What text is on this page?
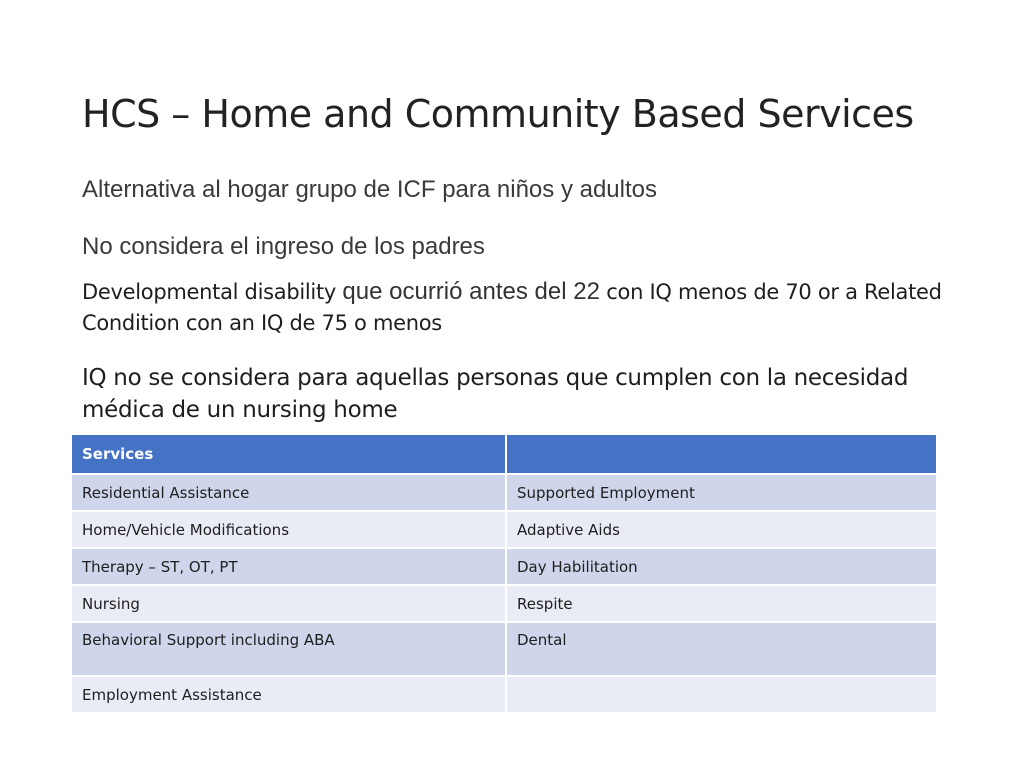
HCS – Home and Community Based Services

Alternativa al hogar grupo de ICF para niños y adultos

No considera el ingreso de los padres

Developmental disability que ocurrió antes del 22 con IQ menos de 70 or a Related Condition con an IQ de 75 o menos

IQ no se considera para aquellas personas que cumplen con la necesidad médica de un nursing home

Services	
Residential Assistance	Supported Employment
Home/Vehicle Modifications	Adaptive Aids
Therapy – ST, OT, PT	Day Habilitation
Nursing	Respite
Behavioral Support including ABA	Dental
Employment Assistance	
